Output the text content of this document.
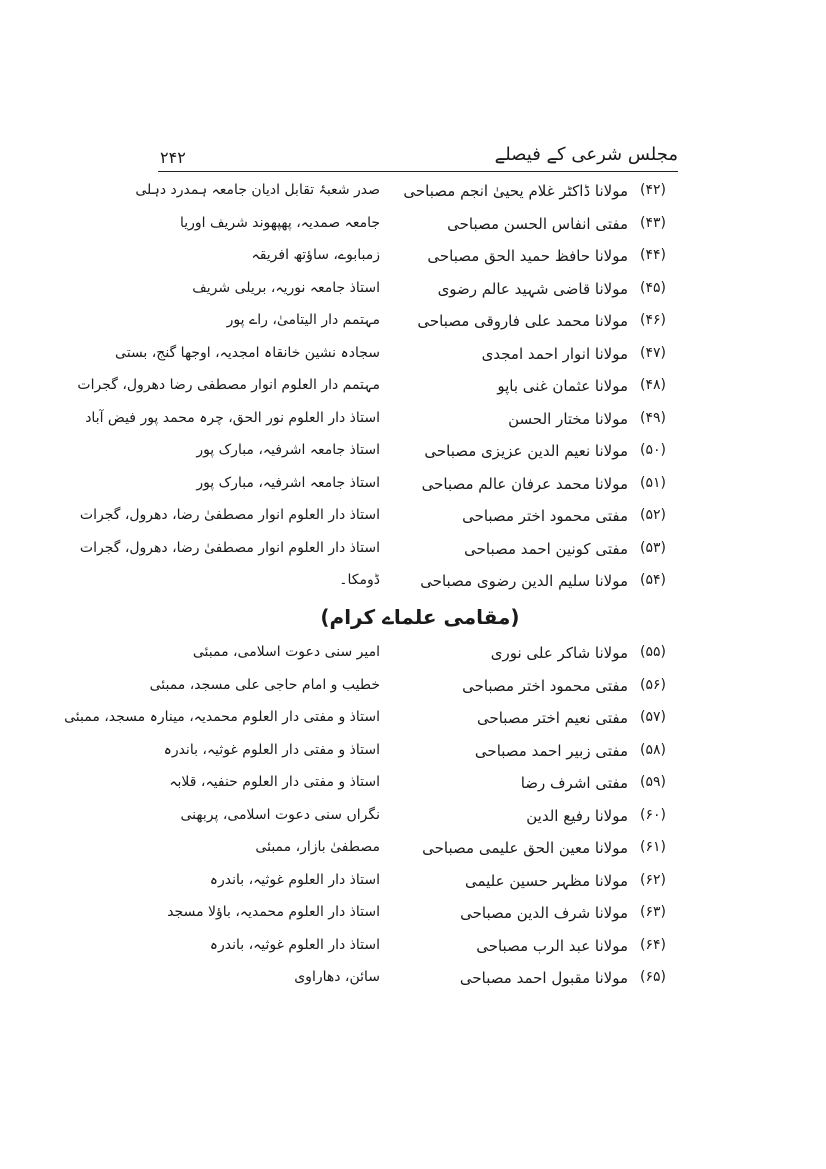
مجلس شرعی کے فیصلے
۲۴۲
(۴۲)
مولانا ڈاکٹر غلام یحییٰ انجم مصباحی
صدر شعبۂ تقابل ادیان جامعہ ہمدرد دہلی
(۴۳)
مفتی انفاس الحسن مصباحی
جامعہ صمدیہ، پھپھوند شریف اوریا
(۴۴)
مولانا حافظ حمید الحق مصباحی
زمبابوے، ساؤتھ افریقہ
(۴۵)
مولانا قاضی شہید عالم رضوی
استاذ جامعہ نوریہ، بریلی شریف
(۴۶)
مولانا محمد علی فاروقی مصباحی
مہتمم دار الیتامیٰ، راے پور
(۴۷)
مولانا انوار احمد امجدی
سجادہ نشین خانقاہ امجدیہ، اوجھا گنج، بستی
(۴۸)
مولانا عثمان غنی باپو
مہتمم دار العلوم انوار مصطفی رضا دھرول، گجرات
(۴۹)
مولانا مختار الحسن
استاذ دار العلوم نور الحق، چرہ محمد پور فیض آباد
(۵۰)
مولانا نعیم الدین عزیزی مصباحی
استاذ جامعہ اشرفیہ، مبارک پور
(۵۱)
مولانا محمد عرفان عالم مصباحی
استاذ جامعہ اشرفیہ، مبارک پور
(۵۲)
مفتی محمود اختر مصباحی
استاذ دار العلوم انوار مصطفیٰ رضا، دھرول، گجرات
(۵۳)
مفتی کونین احمد مصباحی
استاذ دار العلوم انوار مصطفیٰ رضا، دھرول، گجرات
(۵۴)
مولانا سلیم الدین رضوی مصباحی
ڈومکا۔
(مقامی علماے کرام)
(۵۵)
مولانا شاکر علی نوری
امیر سنی دعوت اسلامی، ممبئی
(۵۶)
مفتی محمود اختر مصباحی
خطیب و امام حاجی علی مسجد، ممبئی
(۵۷)
مفتی نعیم اختر مصباحی
استاذ و مفتی دار العلوم محمدیہ، مینارہ مسجد، ممبئی
(۵۸)
مفتی زبیر احمد مصباحی
استاذ و مفتی دار العلوم غوثیہ، باندرہ
(۵۹)
مفتی اشرف رضا
استاذ و مفتی دار العلوم حنفیہ، قلابہ
(۶۰)
مولانا رفیع الدین
نگراں سنی دعوت اسلامی، پربھنی
(۶۱)
مولانا معین الحق علیمی مصباحی
مصطفیٰ بازار، ممبئی
(۶۲)
مولانا مظہر حسین علیمی
استاذ دار العلوم غوثیہ، باندرہ
(۶۳)
مولانا شرف الدین مصباحی
استاذ دار العلوم محمدیہ، باؤلا مسجد
(۶۴)
مولانا عبد الرب مصباحی
استاذ دار العلوم غوثیہ، باندرہ
(۶۵)
مولانا مقبول احمد مصباحی
سائن، دھاراوی
